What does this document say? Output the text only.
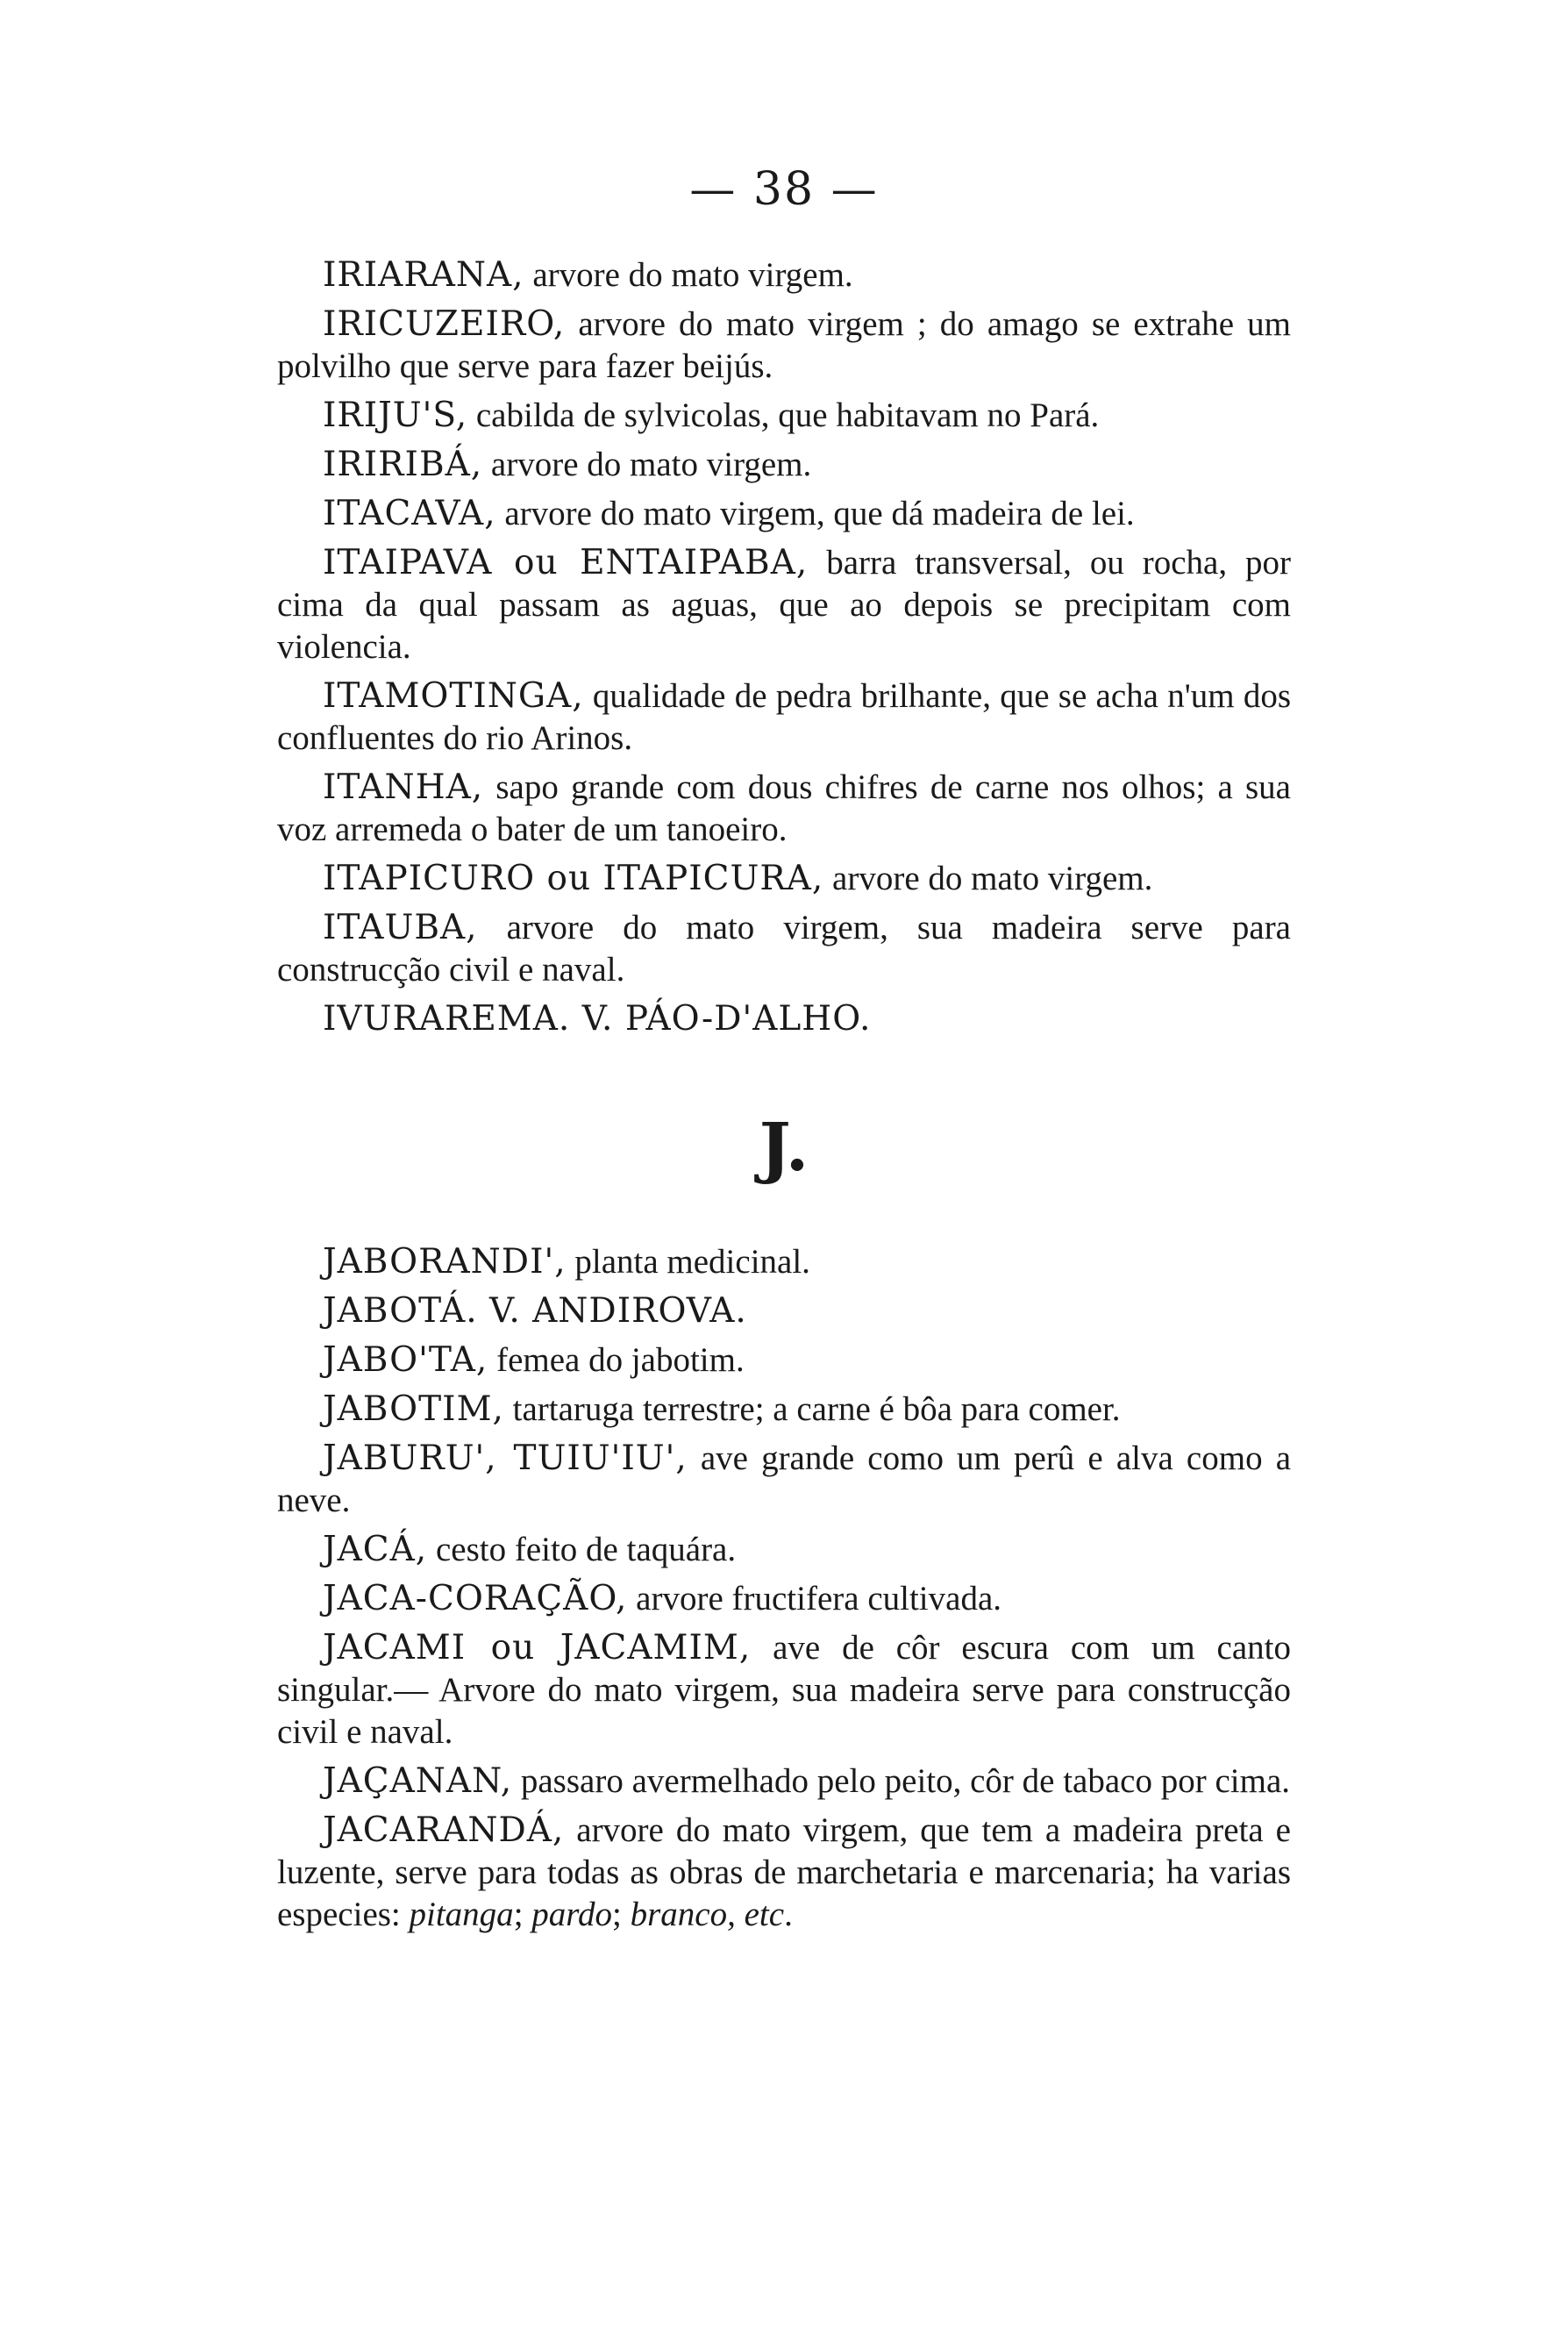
— 38 —

IRIARANA, arvore do mato virgem.

IRICUZEIRO, arvore do mato virgem ; do amago se extrahe um polvilho que serve para fazer beijús.

IRIJU'S, cabilda de sylvicolas, que habitavam no Pará.

IRIRIBÁ, arvore do mato virgem.

ITACAVA, arvore do mato virgem, que dá madeira de lei.

ITAIPAVA ou ENTAIPABA, barra transversal, ou rocha, por cima da qual passam as aguas, que ao depois se precipitam com violencia.

ITAMOTINGA, qualidade de pedra brilhante, que se acha n'um dos confluentes do rio Arinos.

ITANHA, sapo grande com dous chifres de carne nos olhos; a sua voz arremeda o bater de um tanoeiro.

ITAPICURO ou ITAPICURA, arvore do mato virgem.

ITAUBA, arvore do mato virgem, sua madeira serve para construcção civil e naval.

IVURAREMA. V. PÁO-D'ALHO.

J.

JABORANDI', planta medicinal.

JABOTÁ. V. ANDIROVA.

JABO'TA, femea do jabotim.

JABOTIM, tartaruga terrestre; a carne é bôa para comer.

JABURU', TUIU'IU', ave grande como um perû e alva como a neve.

JACÁ, cesto feito de taquára.

JACA-CORAÇÃO, arvore fructifera cultivada.

JACAMI ou JACAMIM, ave de côr escura com um canto singular.— Arvore do mato virgem, sua madeira serve para construcção civil e naval.

JAÇANAN, passaro avermelhado pelo peito, côr de tabaco por cima.

JACARANDÁ, arvore do mato virgem, que tem a madeira preta e luzente, serve para todas as obras de marchetaria e marcenaria; ha varias especies: pitanga; pardo; branco, etc.
